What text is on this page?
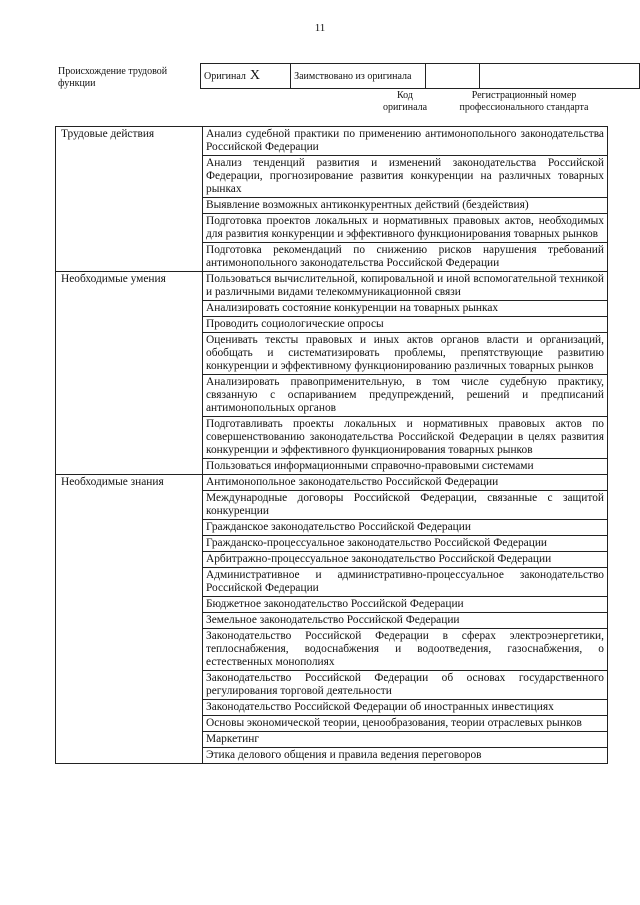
11
Происхождение трудовой функции
Оригинал X	Заимствовано из оригинала		
Код оригинала
Регистрационный номер профессионального стандарта
Трудовые действия	Анализ судебной практики по применению антимонопольного законодательства Российской Федерации
	Анализ тенденций развития и изменений законодательства Российской Федерации, прогнозирование развития конкуренции на различных товарных рынках
	Выявление возможных антиконкурентных действий (бездействия)
	Подготовка проектов локальных и нормативных правовых актов, необходимых для развития конкуренции и эффективного функционирования товарных рынков
	Подготовка рекомендаций по снижению рисков нарушения требований антимонопольного законодательства Российской Федерации
Необходимые умения	Пользоваться вычислительной, копировальной и иной вспомогательной техникой и различными видами телекоммуникационной связи
	Анализировать состояние конкуренции на товарных рынках
	Проводить социологические опросы
	Оценивать тексты правовых и иных актов органов власти и организаций, обобщать и систематизировать проблемы, препятствующие развитию конкуренции и эффективному функционированию различных товарных рынков
	Анализировать правоприменительную, в том числе судебную практику, связанную с оспариванием предупреждений, решений и предписаний антимонопольных органов
	Подготавливать проекты локальных и нормативных правовых актов по совершенствованию законодательства Российской Федерации в целях развития конкуренции и эффективного функционирования товарных рынков
	Пользоваться информационными справочно-правовыми системами
Необходимые знания	Антимонопольное законодательство Российской Федерации
	Международные договоры Российской Федерации, связанные с защитой конкуренции
	Гражданское законодательство Российской Федерации
	Гражданско-процессуальное законодательство Российской Федерации
	Арбитражно-процессуальное законодательство Российской Федерации
	Административное и административно-процессуальное законодательство Российской Федерации
	Бюджетное законодательство Российской Федерации
	Земельное законодательство Российской Федерации
	Законодательство Российской Федерации в сферах электроэнергетики, теплоснабжения, водоснабжения и водоотведения, газоснабжения, о естественных монополиях
	Законодательство Российской Федерации об основах государственного регулирования торговой деятельности
	Законодательство Российской Федерации об иностранных инвестициях
	Основы экономической теории, ценообразования, теории отраслевых рынков
	Маркетинг
	Этика делового общения и правила ведения переговоров
